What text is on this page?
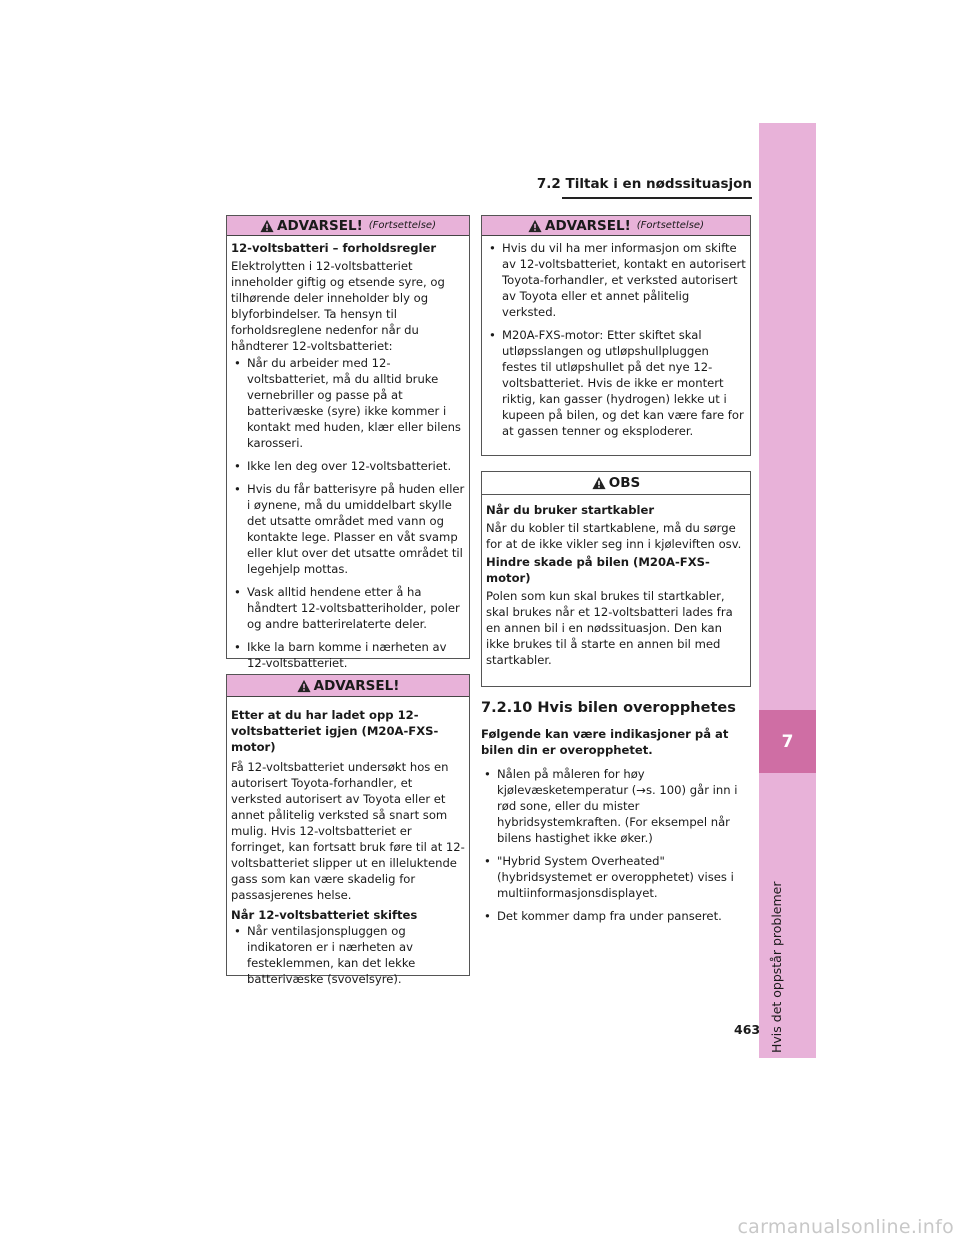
7.2 Tiltak i en nødssituasjon
7
Hvis det oppstår problemer
ADVARSEL! (Fortsettelse)

12-voltsbatteri – forholdsregler

Elektrolytten i 12-voltsbatteriet inneholder giftig og etsende syre, og tilhørende deler inneholder bly og blyforbindelser. Ta hensyn til forholdsreglene nedenfor når du håndterer 12-voltsbatteriet:

• Når du arbeider med 12-voltsbatteriet, må du alltid bruke vernebriller og passe på at batterivæske (syre) ikke kommer i kontakt med huden, klær eller bilens karosseri.
• Ikke len deg over 12-voltsbatteriet.
• Hvis du får batterisyre på huden eller i øynene, må du umiddelbart skylle det utsatte området med vann og kontakte lege. Plasser en våt svamp eller klut over det utsatte området til legehjelp mottas.
• Vask alltid hendene etter å ha håndtert 12-voltsbatteriholder, poler og andre batterirelaterte deler.
• Ikke la barn komme i nærheten av 12-voltsbatteriet.
ADVARSEL!

Etter at du har ladet opp 12-voltsbatteriet igjen (M20A-FXS-motor)

Få 12-voltsbatteriet undersøkt hos en autorisert Toyota-forhandler, et verksted autorisert av Toyota eller et annet pålitelig verksted så snart som mulig. Hvis 12-voltsbatteriet er forringet, kan fortsatt bruk føre til at 12-voltsbatteriet slipper ut en illeluktende gass som kan være skadelig for passasjerenes helse.

Når 12-voltsbatteriet skiftes

• Når ventilasjonspluggen og indikatoren er i nærheten av festeklemmen, kan det lekke batterivæske (svovelsyre).
ADVARSEL! (Fortsettelse)
• Hvis du vil ha mer informasjon om skifte av 12-voltsbatteriet, kontakt en autorisert Toyota-forhandler, et verksted autorisert av Toyota eller et annet pålitelig verksted.
• M20A-FXS-motor: Etter skiftet skal utløpsslangen og utløpshullpluggen festes til utløpshullet på det nye 12-voltsbatteriet. Hvis de ikke er montert riktig, kan gasser (hydrogen) lekke ut i kupeen på bilen, og det kan være fare for at gassen tenner og eksploderer.
OBS

Når du bruker startkabler

Når du kobler til startkablene, må du sørge for at de ikke vikler seg inn i kjøleviften osv.

Hindre skade på bilen (M20A-FXS-motor)

Polen som kun skal brukes til startkabler, skal brukes når et 12-voltsbatteri lades fra en annen bil i en nødssituasjon. Den kan ikke brukes til å starte en annen bil med startkabler.

7.2.10 Hvis bilen overopphetes

Følgende kan være indikasjoner på at bilen din er overopphetet.

• Nålen på måleren for høy kjølevæsketemperatur (→s. 100) går inn i rød sone, eller du mister hybridsystemkraften. (For eksempel når bilens hastighet ikke øker.)
• "Hybrid System Overheated" (hybridsystemet er overopphetet) vises i multiinformasjonsdisplayet.
• Det kommer damp fra under panseret.
463
carmanualsonline.info
